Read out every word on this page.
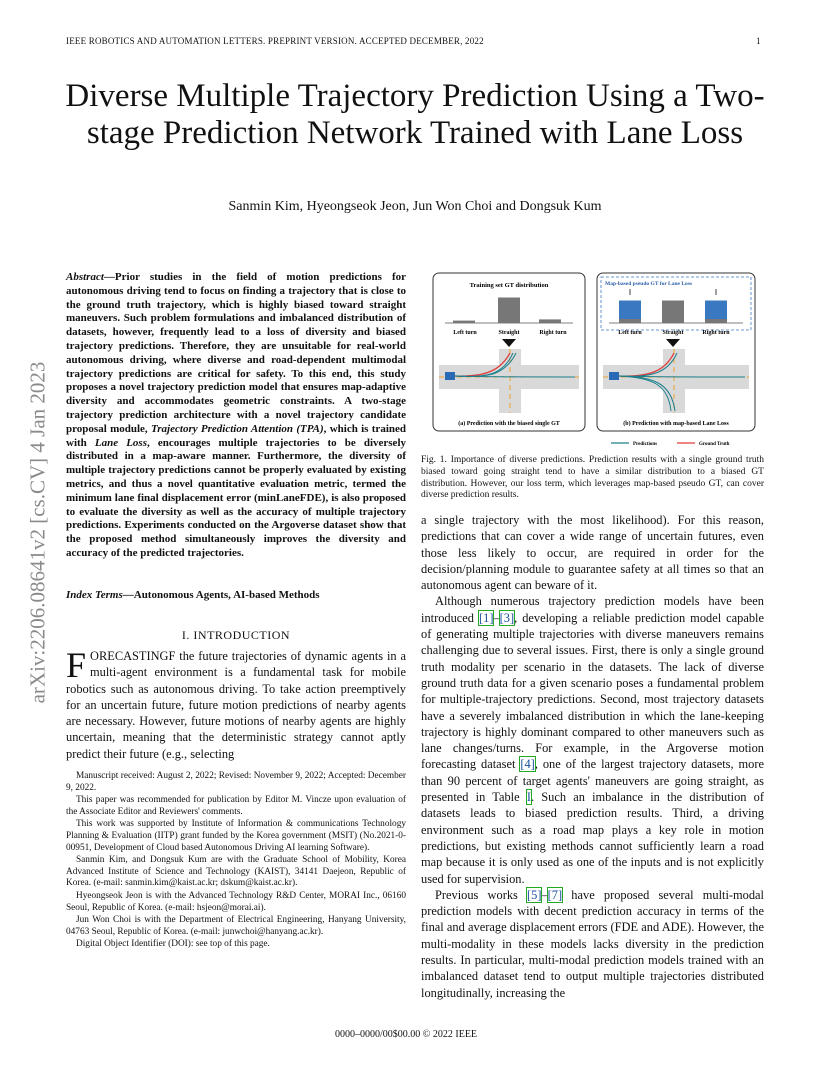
IEEE ROBOTICS AND AUTOMATION LETTERS. PREPRINT VERSION. ACCEPTED DECEMBER, 2022	1
arXiv:2206.08641v2 [cs.CV] 4 Jan 2023
Diverse Multiple Trajectory Prediction Using a Two-stage Prediction Network Trained with Lane Loss
Sanmin Kim, Hyeongseok Jeon, Jun Won Choi and Dongsuk Kum
Abstract—Prior studies in the field of motion predictions for autonomous driving tend to focus on finding a trajectory that is close to the ground truth trajectory, which is highly biased toward straight maneuvers. Such problem formulations and imbalanced distribution of datasets, however, frequently lead to a loss of diversity and biased trajectory predictions. Therefore, they are unsuitable for real-world autonomous driving, where diverse and road-dependent multimodal trajectory predictions are critical for safety. To this end, this study proposes a novel trajectory prediction model that ensures map-adaptive diversity and accommodates geometric constraints. A two-stage trajectory prediction architecture with a novel trajectory candidate proposal module, Trajectory Prediction Attention (TPA), which is trained with Lane Loss, encourages multiple trajectories to be diversely distributed in a map-aware manner. Furthermore, the diversity of multiple trajectory predictions cannot be properly evaluated by existing metrics, and thus a novel quantitative evaluation metric, termed the minimum lane final displacement error (minLaneFDE), is also proposed to evaluate the diversity as well as the accuracy of multiple trajectory predictions. Experiments conducted on the Argoverse dataset show that the proposed method simultaneously improves the diversity and accuracy of the predicted trajectories.
Index Terms—Autonomous Agents, AI-based Methods
I. INTRODUCTION
FORECASTINGF the future trajectories of dynamic agents in a multi-agent environment is a fundamental task for mobile robotics such as autonomous driving. To take action preemptively for an uncertain future, future motion predictions of nearby agents are necessary. However, future motions of nearby agents are highly uncertain, meaning that the deterministic strategy cannot aptly predict their future (e.g., selecting

Manuscript received: August 2, 2022; Revised: November 9, 2022; Accepted: December 9, 2022.

This paper was recommended for publication by Editor M. Vincze upon evaluation of the Associate Editor and Reviewers' comments.

This work was supported by Institute of Information & communications Technology Planning & Evaluation (IITP) grant funded by the Korea government (MSIT) (No.2021-0-00951, Development of Cloud based Autonomous Driving AI learning Software).

Sanmin Kim, and Dongsuk Kum are with the Graduate School of Mobility, Korea Advanced Institute of Science and Technology (KAIST), 34141 Daejeon, Republic of Korea. (e-mail: sanmin.kim@kaist.ac.kr; dskum@kaist.ac.kr).

Hyeongseok Jeon is with the Advanced Technology R&D Center, MORAI Inc., 06160 Seoul, Republic of Korea. (e-mail: hsjeon@morai.ai).

Jun Won Choi is with the Department of Electrical Engineering, Hanyang University, 04763 Seoul, Republic of Korea. (e-mail: junwchoi@hanyang.ac.kr).

Digital Object Identifier (DOI): see top of this page.

Training set GT distribution
Left turn	Straight	Right turn
(a) Prediction with the biased single GT
Map-based pseudo GT for Lane Loss
Left turn	Straight	Right turn
(b) Prediction with map-based Lane Loss
Predictions	Ground Truth
Fig. 1. Importance of diverse predictions. Prediction results with a single ground truth biased toward going straight tend to have a similar distribution to a biased GT distribution. However, our loss term, which leverages map-based pseudo GT, can cover diverse prediction results.

a single trajectory with the most likelihood). For this reason, predictions that can cover a wide range of uncertain futures, even those less likely to occur, are required in order for the decision/planning module to guarantee safety at all times so that an autonomous agent can beware of it.

Although numerous trajectory prediction models have been introduced [1]–[3], developing a reliable prediction model capable of generating multiple trajectories with diverse maneuvers remains challenging due to several issues. First, there is only a single ground truth modality per scenario in the datasets. The lack of diverse ground truth data for a given scenario poses a fundamental problem for multiple-trajectory predictions. Second, most trajectory datasets have a severely imbalanced distribution in which the lane-keeping trajectory is highly dominant compared to other maneuvers such as lane changes/turns. For example, in the Argoverse motion forecasting dataset [4], one of the largest trajectory datasets, more than 90 percent of target agents' maneuvers are going straight, as presented in Table I. Such an imbalance in the distribution of datasets leads to biased prediction results. Third, a driving environment such as a road map plays a key role in motion predictions, but existing methods cannot sufficiently learn a road map because it is only used as one of the inputs and is not explicitly used for supervision.

Previous works [5]–[7] have proposed several multi-modal prediction models with decent prediction accuracy in terms of the final and average displacement errors (FDE and ADE). However, the multi-modality in these models lacks diversity in the prediction results. In particular, multi-modal prediction models trained with an imbalanced dataset tend to output multiple trajectories distributed longitudinally, increasing the

0000–0000/00$00.00 © 2022 IEEE
